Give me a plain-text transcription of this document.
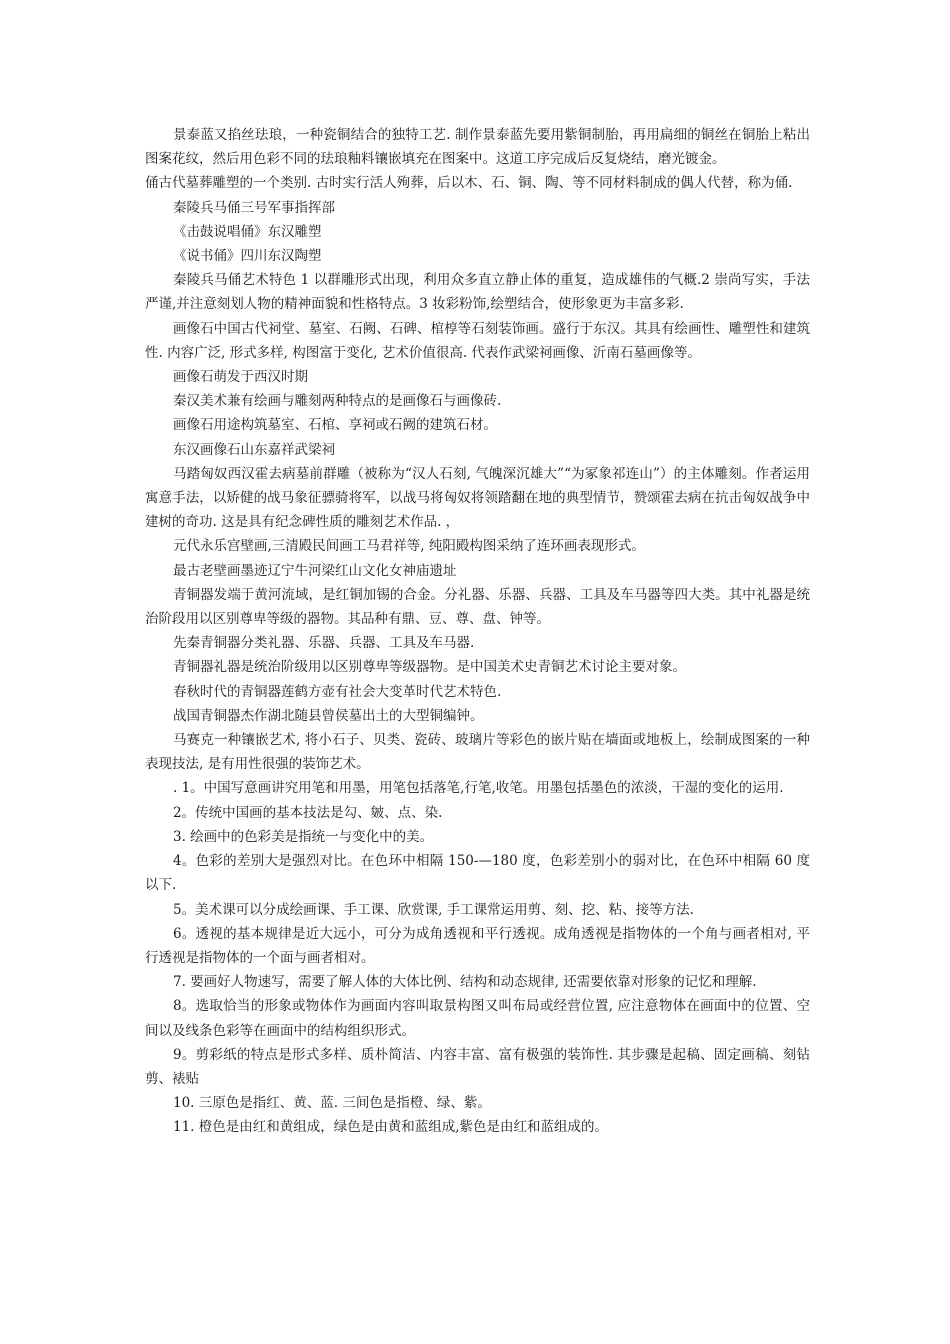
景泰蓝又掐丝珐琅，一种瓷铜结合的独特工艺. 制作景泰蓝先要用紫铜制胎，再用扁细的铜丝在铜胎上粘出图案花纹，然后用色彩不同的珐琅釉料镶嵌填充在图案中。这道工序完成后反复烧结，磨光镀金。

俑古代墓葬雕塑的一个类别. 古时实行活人殉葬，后以木、石、铜、陶、等不同材料制成的偶人代替，称为俑.

秦陵兵马俑三号军事指挥部

《击鼓说唱俑》东汉雕塑

《说书俑》四川东汉陶塑

秦陵兵马俑艺术特色 1 以群雕形式出现，利用众多直立静止体的重复，造成雄伟的气概.2 崇尚写实，手法严谨,并注意刻划人物的精神面貌和性格特点。3 妆彩粉饰,绘塑结合，使形象更为丰富多彩.

画像石中国古代祠堂、墓室、石阙、石碑、棺椁等石刻装饰画。盛行于东汉。其具有绘画性、雕塑性和建筑性. 内容广泛, 形式多样, 构图富于变化, 艺术价值很高. 代表作武梁祠画像、沂南石墓画像等。

画像石萌发于西汉时期

秦汉美术兼有绘画与雕刻两种特点的是画像石与画像砖.

画像石用途构筑墓室、石棺、享祠或石阙的建筑石材。

东汉画像石山东嘉祥武梁祠

马踏匈奴西汉霍去病墓前群雕（被称为“汉人石刻, 气魄深沉雄大”“为冢象祁连山”）的主体雕刻。作者运用寓意手法，以矫健的战马象征骠骑将军，以战马将匈奴将领踏翻在地的典型情节，赞颂霍去病在抗击匈奴战争中建树的奇功. 这是具有纪念碑性质的雕刻艺术作品. ，

元代永乐宫壁画,三清殿民间画工马君祥等, 纯阳殿构图采纳了连环画表现形式。

最古老壁画墨迹辽宁牛河梁红山文化女神庙遗址

青铜器发端于黄河流域，是红铜加锡的合金。分礼器、乐器、兵器、工具及车马器等四大类。其中礼器是统治阶段用以区别尊卑等级的器物。其品种有鼎、豆、尊、盘、钟等。

先秦青铜器分类礼器、乐器、兵器、工具及车马器.

青铜器礼器是统治阶级用以区别尊卑等级器物。是中国美术史青铜艺术讨论主要对象。

春秋时代的青铜器莲鹤方壶有社会大变革时代艺术特色.

战国青铜器杰作湖北随县曾侯墓出土的大型铜编钟。

马赛克一种镶嵌艺术, 将小石子、贝类、瓷砖、玻璃片等彩色的嵌片贴在墙面或地板上，绘制成图案的一种表现技法, 是有用性很强的装饰艺术。

. 1。中国写意画讲究用笔和用墨，用笔包括落笔,行笔,收笔。用墨包括墨色的浓淡，干湿的变化的运用.

2。传统中国画的基本技法是勾、皴、点、染.

3. 绘画中的色彩美是指统一与变化中的美。

4。色彩的差别大是强烈对比。在色环中相隔 150-—180 度，色彩差别小的弱对比，在色环中相隔 60 度以下.

5。美术课可以分成绘画课、手工课、欣赏课, 手工课常运用剪、刻、挖、粘、接等方法.

6。透视的基本规律是近大远小，可分为成角透视和平行透视。成角透视是指物体的一个角与画者相对, 平行透视是指物体的一个面与画者相对。

7. 要画好人物速写，需要了解人体的大体比例、结构和动态规律, 还需要依靠对形象的记忆和理解.

8。选取恰当的形象或物体作为画面内容叫取景构图又叫布局或经营位置, 应注意物体在画面中的位置、空间以及线条色彩等在画面中的结构组织形式。

9。剪彩纸的特点是形式多样、质朴简洁、内容丰富、富有极强的装饰性. 其步骤是起稿、固定画稿、刻钻剪、裱贴

10. 三原色是指红、黄、蓝. 三间色是指橙、绿、紫。

11. 橙色是由红和黄组成，绿色是由黄和蓝组成,紫色是由红和蓝组成的。
